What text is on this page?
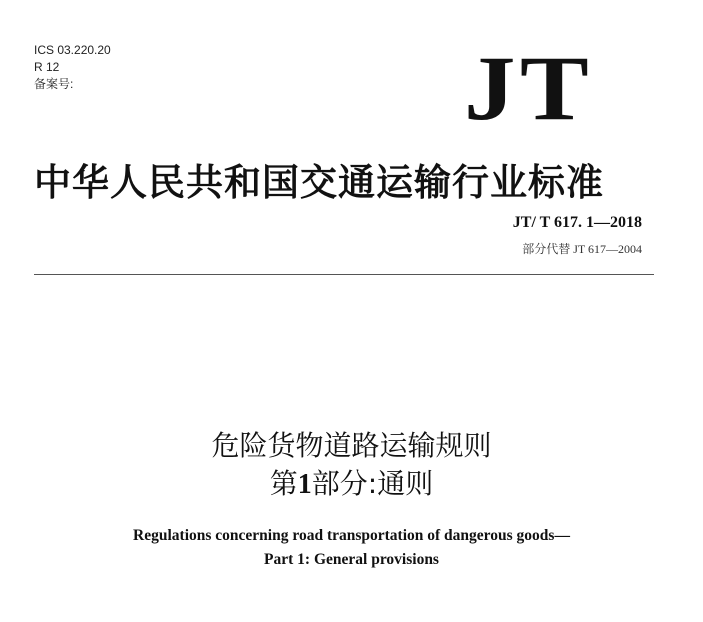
ICS 03.220.20
R 12
备案号:	JT
中华人民共和国交通运输行业标准
JT/ T 617. 1—2018
部分代替 JT 617—2004
危险货物道路运输规则
第1部分:通则
Regulations concerning road transportation of dangerous goods—
Part 1: General provisions
